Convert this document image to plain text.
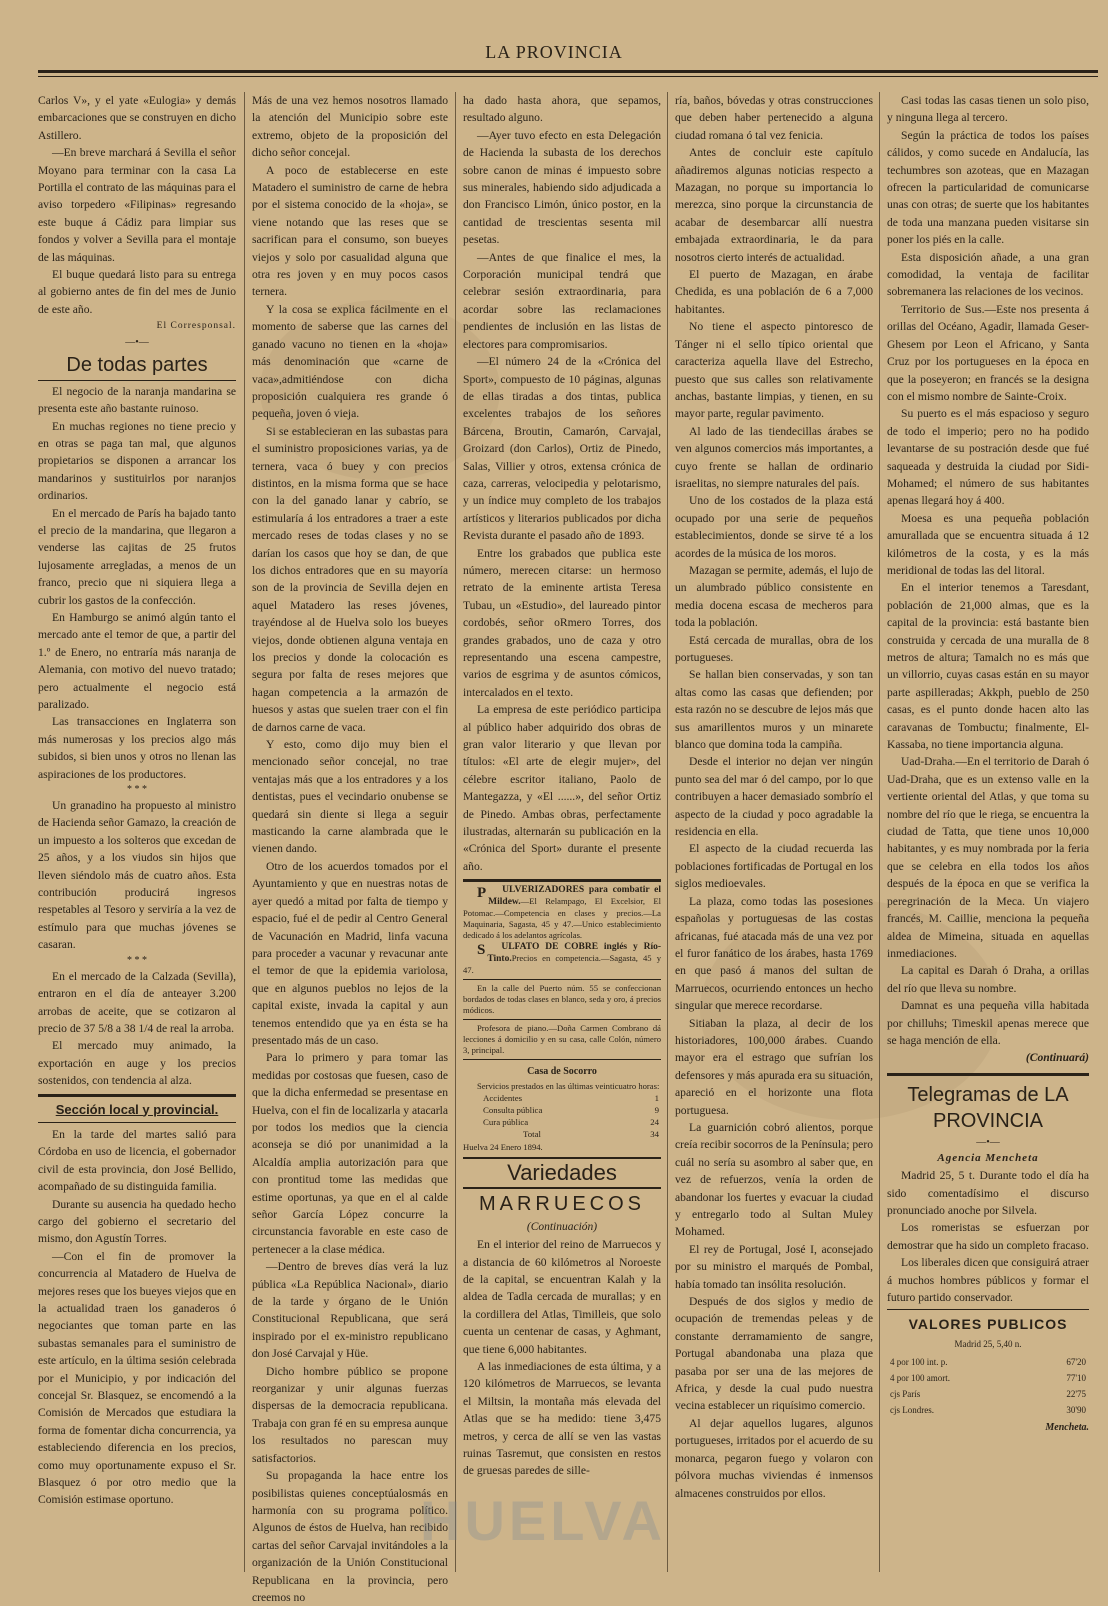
LA PROVINCIA

Carlos V», y el yate «Eulogia» y demás embarcaciones que se construyen en dicho Astillero.

—En breve marchará á Sevilla el señor Moyano para terminar con la casa La Portilla el contrato de las máquinas para el aviso torpedero «Filipinas» regresando este buque á Cádiz para limpiar sus fondos y volver a Sevilla para el montaje de las máquinas.

El buque quedará listo para su entrega al gobierno antes de fin del mes de Junio de este año.

El Corresponsal.
—•—
De todas partes

El negocio de la naranja mandarina se presenta este año bastante ruinoso.

En muchas regiones no tiene precio y en otras se paga tan mal, que algunos propietarios se disponen a arrancar los mandarinos y sustituirlos por naranjos ordinarios.

En el mercado de París ha bajado tanto el precio de la mandarina, que llegaron a venderse las cajitas de 25 frutos lujosamente arregladas, a menos de un franco, precio que ni siquiera llega a cubrir los gastos de la confección.

En Hamburgo se animó algún tanto el mercado ante el temor de que, a partir del 1.º de Enero, no entraría más naranja de Alemania, con motivo del nuevo tratado; pero actualmente el negocio está paralizado.

Las transacciones en Inglaterra son más numerosas y los precios algo más subidos, si bien unos y otros no llenan las aspiraciones de los productores.

* * *

Un granadino ha propuesto al ministro de Hacienda señor Gamazo, la creación de un impuesto a los solteros que excedan de 25 años, y a los viudos sin hijos que lleven siéndolo más de cuatro años. Esta contribución producirá ingresos respetables al Tesoro y serviría a la vez de estímulo para que muchas jóvenes se casaran.

* * *

En el mercado de la Calzada (Sevilla), entraron en el día de anteayer 3.200 arrobas de aceite, que se cotizaron al precio de 37 5/8 a 38 1/4 de real la arroba.

El mercado muy animado, la exportación en auge y los precios sostenidos, con tendencia al alza.

Sección local y provincial.

En la tarde del martes salió para Córdoba en uso de licencia, el gobernador civil de esta provincia, don José Bellido, acompañado de su distinguida familia.

Durante su ausencia ha quedado hecho cargo del gobierno el secretario del mismo, don Agustín Torres.

—Con el fin de promover la concurrencia al Matadero de Huelva de mejores reses que los bueyes viejos que en la actualidad traen los ganaderos ó negociantes que toman parte en las subastas semanales para el suministro de este artículo, en la última sesión celebrada por el Municipio, y por indicación del concejal Sr. Blasquez, se encomendó a la Comisión de Mercados que estudiara la forma de fomentar dicha concurrencia, ya estableciendo diferencia en los precios, como muy oportunamente expuso el Sr. Blasquez ó por otro medio que la Comisión estimase oportuno.

Más de una vez hemos nosotros llamado la atención del Municipio sobre este extremo, objeto de la proposición del dicho señor concejal.

A poco de establecerse en este Matadero el suministro de carne de hebra por el sistema conocido de la «hoja», se viene notando que las reses que se sacrifican para el consumo, son bueyes viejos y solo por casualidad alguna que otra res joven y en muy pocos casos ternera.

Y la cosa se explica fácilmente en el momento de saberse que las carnes del ganado vacuno no tienen en la «hoja» más denominación que «carne de vaca»,admitiéndose con dicha proposición cualquiera res grande ó pequeña, joven ó vieja.

Si se establecieran en las subastas para el suministro proposiciones varias, ya de ternera, vaca ó buey y con precios distintos, en la misma forma que se hace con la del ganado lanar y cabrío, se estimularía á los entradores a traer a este mercado reses de todas clases y no se darían los casos que hoy se dan, de que los dichos entradores que en su mayoría son de la provincia de Sevilla dejen en aquel Matadero las reses jóvenes, trayéndose al de Huelva solo los bueyes viejos, donde obtienen alguna ventaja en los precios y donde la colocación es segura por falta de reses mejores que hagan competencia a la armazón de huesos y astas que suelen traer con el fin de darnos carne de vaca.

Y esto, como dijo muy bien el mencionado señor concejal, no trae ventajas más que a los entradores y a los dentistas, pues el vecindario onubense se quedará sin diente si llega a seguir masticando la carne alambrada que le vienen dando.

Otro de los acuerdos tomados por el Ayuntamiento y que en nuestras notas de ayer quedó a mitad por falta de tiempo y espacio, fué el de pedir al Centro General de Vacunación en Madrid, linfa vacuna para proceder a vacunar y revacunar ante el temor de que la epidemia variolosa, que en algunos pueblos no lejos de la capital existe, invada la capital y aun tenemos entendido que ya en ésta se ha presentado más de un caso.

Para lo primero y para tomar las medidas por costosas que fuesen, caso de que la dicha enfermedad se presentase en Huelva, con el fin de localizarla y atacarla por todos los medios que la ciencia aconseja se dió por unanimidad a la Alcaldía amplia autorización para que con prontitud tome las medidas que estime oportunas, ya que en el al calde señor García López concurre la circunstancia favorable en este caso de pertenecer a la clase médica.

—Dentro de breves días verá la luz pública «La República Nacional», diario de la tarde y órgano de le Unión Constitucional Republicana, que será inspirado por el ex-ministro republicano don José Carvajal y Hüe.

Dicho hombre público se propone reorganizar y unir algunas fuerzas dispersas de la democracia republicana. Trabaja con gran fé en su empresa aunque los resultados no parescan muy satisfactorios.

Su propaganda la hace entre los posibilistas quienes conceptúalosmás en harmonía con su programa político. Algunos de éstos de Huelva, han recibido cartas del señor Carvajal invitándoles a la organización de la Unión Constitucional Republicana en la provincia, pero creemos no

ha dado hasta ahora, que sepamos, resultado alguno.

—Ayer tuvo efecto en esta Delegación de Hacienda la subasta de los derechos sobre canon de minas é impuesto sobre sus minerales, habiendo sido adjudicada a don Francisco Limón, único postor, en la cantidad de trescientas sesenta mil pesetas.

—Antes de que finalice el mes, la Corporación municipal tendrá que celebrar sesión extraordinaria, para acordar sobre las reclamaciones pendientes de inclusión en las listas de electores para compromisarios.

—El número 24 de la «Crónica del Sport», compuesto de 10 páginas, algunas de ellas tiradas a dos tintas, publica excelentes trabajos de los señores Bárcena, Broutin, Camarón, Carvajal, Groizard (don Carlos), Ortiz de Pinedo, Salas, Villier y otros, extensa crónica de caza, carreras, velocipedia y pelotarismo, y un índice muy completo de los trabajos artísticos y literarios publicados por dicha Revista durante el pasado año de 1893.

Entre los grabados que publica este número, merecen citarse: un hermoso retrato de la eminente artista Teresa Tubau, un «Estudio», del laureado pintor cordobés, señor oRmero Torres, dos grandes grabados, uno de caza y otro representando una escena campestre, varios de esgrima y de asuntos cómicos, intercalados en el texto.

La empresa de este periódico participa al público haber adquirido dos obras de gran valor literario y que llevan por títulos: «El arte de elegir mujer», del célebre escritor italiano, Paolo de Mantegazza, y «El ......», del señor Ortiz de Pinedo. Ambas obras, perfectamente ilustradas, alternarán su publicación en la «Crónica del Sport» durante el presente año.

P ULVERIZADORES para combatir el Mildew.—El Relampago, El Excelsior, El Potomac.—Competencia en clases y precios.—La Maquinaria, Sagasta, 45 y 47.—Unico establecimiento dedicado á los adelantos agrícolas.

S ULFATO DE COBRE inglés y Río-Tinto.Precios en competencia.—Sagasta, 45 y 47.

En la calle del Puerto núm. 55 se confeccionan bordados de todas clases en blanco, seda y oro, á precios módicos.

Profesora de piano.—Doña Carmen Combrano dá lecciones á domicilio y en su casa, calle Colón, número 3, principal.

Casa de Socorro

Servicios prestados en las últimas veinticuatro horas:

Accidentes	1
Consulta pública	9
Cura pública	24
Total	34
Huelva 24 Enero 1894.
Variedades
MARRUECOS
(Continuación)

En el interior del reino de Marruecos y a distancia de 60 kilómetros al Noroeste de la capital, se encuentran Kalah y la aldea de Tadla cercada de murallas; y en la cordillera del Atlas, Timilleis, que solo cuenta un centenar de casas, y Aghmant, que tiene 6,000 habitantes.

A las inmediaciones de esta última, y a 120 kilómetros de Marruecos, se levanta el Miltsin, la montaña más elevada del Atlas que se ha medido: tiene 3,475 metros, y cerca de allí se ven las vastas ruinas Tasremut, que consisten en restos de gruesas paredes de sille-

ría, baños, bóvedas y otras construcciones que deben haber pertenecido a alguna ciudad romana ó tal vez fenicia.

Antes de concluir este capítulo añadiremos algunas noticias respecto a Mazagan, no porque su importancia lo merezca, sino porque la circunstancia de acabar de desembarcar allí nuestra embajada extraordinaria, le da para nosotros cierto interés de actualidad.

El puerto de Mazagan, en árabe Chedida, es una población de 6 a 7,000 habitantes.

No tiene el aspecto pintoresco de Tánger ni el sello típico oriental que caracteriza aquella llave del Estrecho, puesto que sus calles son relativamente anchas, bastante limpias, y tienen, en su mayor parte, regular pavimento.

Al lado de las tiendecillas árabes se ven algunos comercios más importantes, a cuyo frente se hallan de ordinario israelitas, no siempre naturales del país.

Uno de los costados de la plaza está ocupado por una serie de pequeños establecimientos, donde se sirve té a los acordes de la música de los moros.

Mazagan se permite, además, el lujo de un alumbrado público consistente en media docena escasa de mecheros para toda la población.

Está cercada de murallas, obra de los portugueses.

Se hallan bien conservadas, y son tan altas como las casas que defienden; por esta razón no se descubre de lejos más que sus amarillentos muros y un minarete blanco que domina toda la campiña.

Desde el interior no dejan ver ningún punto sea del mar ó del campo, por lo que contribuyen a hacer demasiado sombrío el aspecto de la ciudad y poco agradable la residencia en ella.

El aspecto de la ciudad recuerda las poblaciones fortificadas de Portugal en los siglos medioevales.

La plaza, como todas las posesiones españolas y portuguesas de las costas africanas, fué atacada más de una vez por el furor fanático de los árabes, hasta 1769 en que pasó á manos del sultan de Marruecos, ocurriendo entonces un hecho singular que merece recordarse.

Sitiaban la plaza, al decir de los historiadores, 100,000 árabes. Cuando mayor era el estrago que sufrían los defensores y más apurada era su situación, apareció en el horizonte una flota portuguesa.

La guarnición cobró alientos, porque creía recibir socorros de la Península; pero cuál no sería su asombro al saber que, en vez de refuerzos, venía la orden de abandonar los fuertes y evacuar la ciudad y entregarlo todo al Sultan Muley Mohamed.

El rey de Portugal, José I, aconsejado por su ministro el marqués de Pombal, había tomado tan insólita resolución.

Después de dos siglos y medio de ocupación de tremendas peleas y de constante derramamiento de sangre, Portugal abandonaba una plaza que pasaba por ser una de las mejores de Africa, y desde la cual pudo nuestra vecina establecer un riquísimo comercio.

Al dejar aquellos lugares, algunos portugueses, irritados por el acuerdo de su monarca, pegaron fuego y volaron con pólvora muchas viviendas é inmensos almacenes construidos por ellos.

Casi todas las casas tienen un solo piso, y ninguna llega al tercero.

Según la práctica de todos los países cálidos, y como sucede en Andalucía, las techumbres son azoteas, que en Mazagan ofrecen la particularidad de comunicarse unas con otras; de suerte que los habitantes de toda una manzana pueden visitarse sin poner los piés en la calle.

Esta disposición añade, a una gran comodidad, la ventaja de facilitar sobremanera las relaciones de los vecinos.

Territorio de Sus.—Este nos presenta á orillas del Océano, Agadir, llamada Geser-Ghesem por Leon el Africano, y Santa Cruz por los portugueses en la época en que la poseyeron; en francés se la designa con el mismo nombre de Sainte-Croix.

Su puerto es el más espacioso y seguro de todo el imperio; pero no ha podido levantarse de su postración desde que fué saqueada y destruida la ciudad por Sidi-Mohamed; el número de sus habitantes apenas llegará hoy á 400.

Moesa es una pequeña población amurallada que se encuentra situada á 12 kilómetros de la costa, y es la más meridional de todas las del litoral.

En el interior tenemos a Taresdant, población de 21,000 almas, que es la capital de la provincia: está bastante bien construida y cercada de una muralla de 8 metros de altura; Tamalch no es más que un villorrio, cuyas casas están en su mayor parte aspilleradas; Akkph, pueblo de 250 casas, es el punto donde hacen alto las caravanas de Tombuctu; finalmente, El-Kassaba, no tiene importancia alguna.

Uad-Draha.—En el territorio de Darah ó Uad-Draha, que es un extenso valle en la vertiente oriental del Atlas, y que toma su nombre del río que le riega, se encuentra la ciudad de Tatta, que tiene unos 10,000 habitantes, y es muy nombrada por la feria que se celebra en ella todos los años después de la época en que se verifica la peregrinación de la Meca. Un viajero francés, M. Caillie, menciona la pequeña aldea de Mimeina, situada en aquellas inmediaciones.

La capital es Darah ó Draha, a orillas del río que lleva su nombre.

Damnat es una pequeña villa habitada por chilluhs; Timeskil apenas merece que se haga mención de ella.

(Continuará)
Telegramas de LA PROVINCIA
—•—
Agencia Mencheta

Madrid 25, 5 t. Durante todo el día ha sido comentadísimo el discurso pronunciado anoche por Silvela.

Los romeristas se esfuerzan por demostrar que ha sido un completo fracaso.

Los liberales dicen que consiguirá atraer á muchos hombres públicos y formar el futuro partido conservador.

VALORES PUBLICOS
Madrid 25, 5,40 n.
4 por 100 int. p.	67'20
4 por 100 amort.	77'10
cjs París	22'75
cjs Londres.	30'90
Mencheta.
HUELVA
